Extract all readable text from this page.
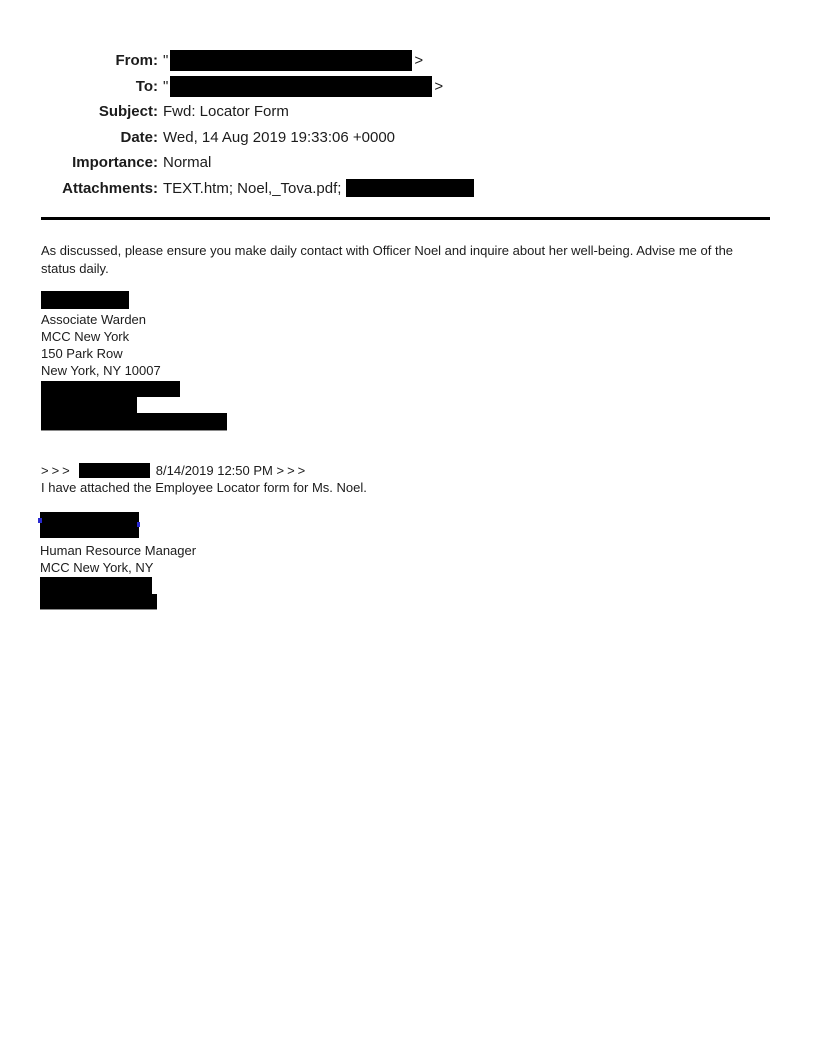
From: "	>
To: "	>
Subject: Fwd: Locator Form
Date: Wed, 14 Aug 2019 19:33:06 +0000
Importance: Normal
Attachments: TEXT.htm; Noel,_Tova.pdf;
As discussed, please ensure you make daily contact with Officer Noel and inquire about her well-being. Advise me of the
status daily.
Associate Warden
MCC New York
150 Park Row
New York, NY 10007
>>>	8/14/2019 12:50 PM
>>>
I have attached the Employee Locator form for Ms. Noel.
Human Resource Manager
MCC New York, NY
